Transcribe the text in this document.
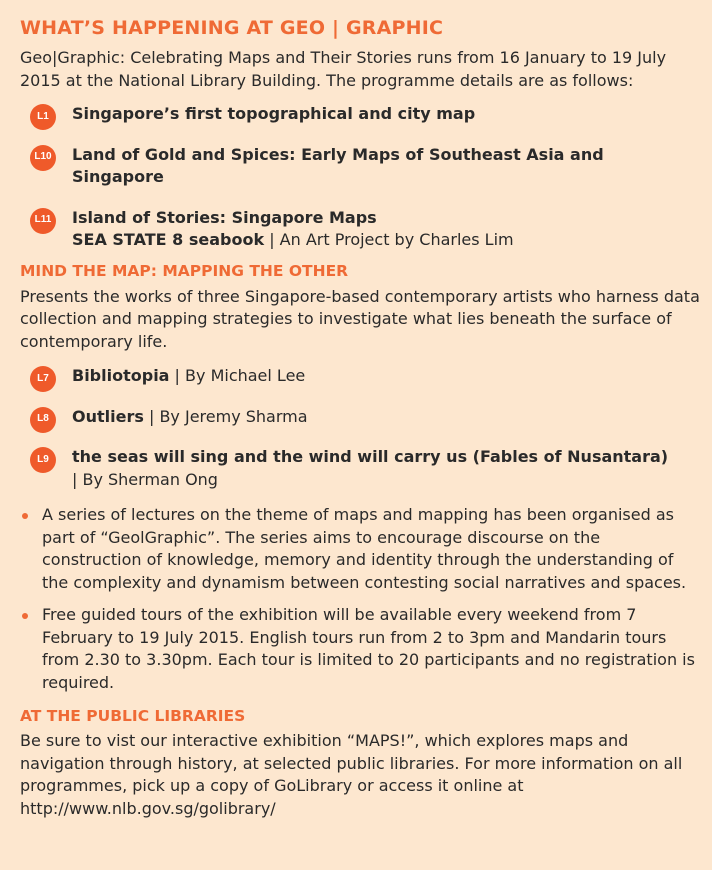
WHAT’S HAPPENING AT GEO | GRAPHIC

Geo|Graphic: Celebrating Maps and Their Stories runs from 16 January to 19 July 2015 at the National Library Building. The programme details are as follows:

L1	Singapore’s first topographical and city map
L10 Land of Gold and Spices: Early Maps of Southeast Asia and Singapore
L11 Island of Stories: Singapore Maps
SEA STATE 8 seabook | An Art Project by Charles Lim
MIND THE MAP: MAPPING THE OTHER

Presents the works of three Singapore-based contemporary artists who harness data collection and mapping strategies to investigate what lies beneath the surface of contemporary life.

L7	Bibliotopia | By Michael Lee
L8	Outliers | By Jeremy Sharma
L9	the seas will sing and the wind will carry us (Fables of Nusantara)
| By Sherman Ong
A series of lectures on the theme of maps and mapping has been organised as part of “GeolGraphic”. The series aims to encourage discourse on the construction of knowledge, memory and identity through the understanding of the complexity and dynamism between contesting social narratives and spaces.
Free guided tours of the exhibition will be available every weekend from 7 February to 19 July 2015. English tours run from 2 to 3pm and Mandarin tours from 2.30 to 3.30pm. Each tour is limited to 20 participants and no registration is required.
AT THE PUBLIC LIBRARIES

Be sure to vist our interactive exhibition “MAPS!”, which explores maps and navigation through history, at selected public libraries. For more information on all programmes, pick up a copy of GoLibrary or access it online at http://www.nlb.gov.sg/golibrary/
